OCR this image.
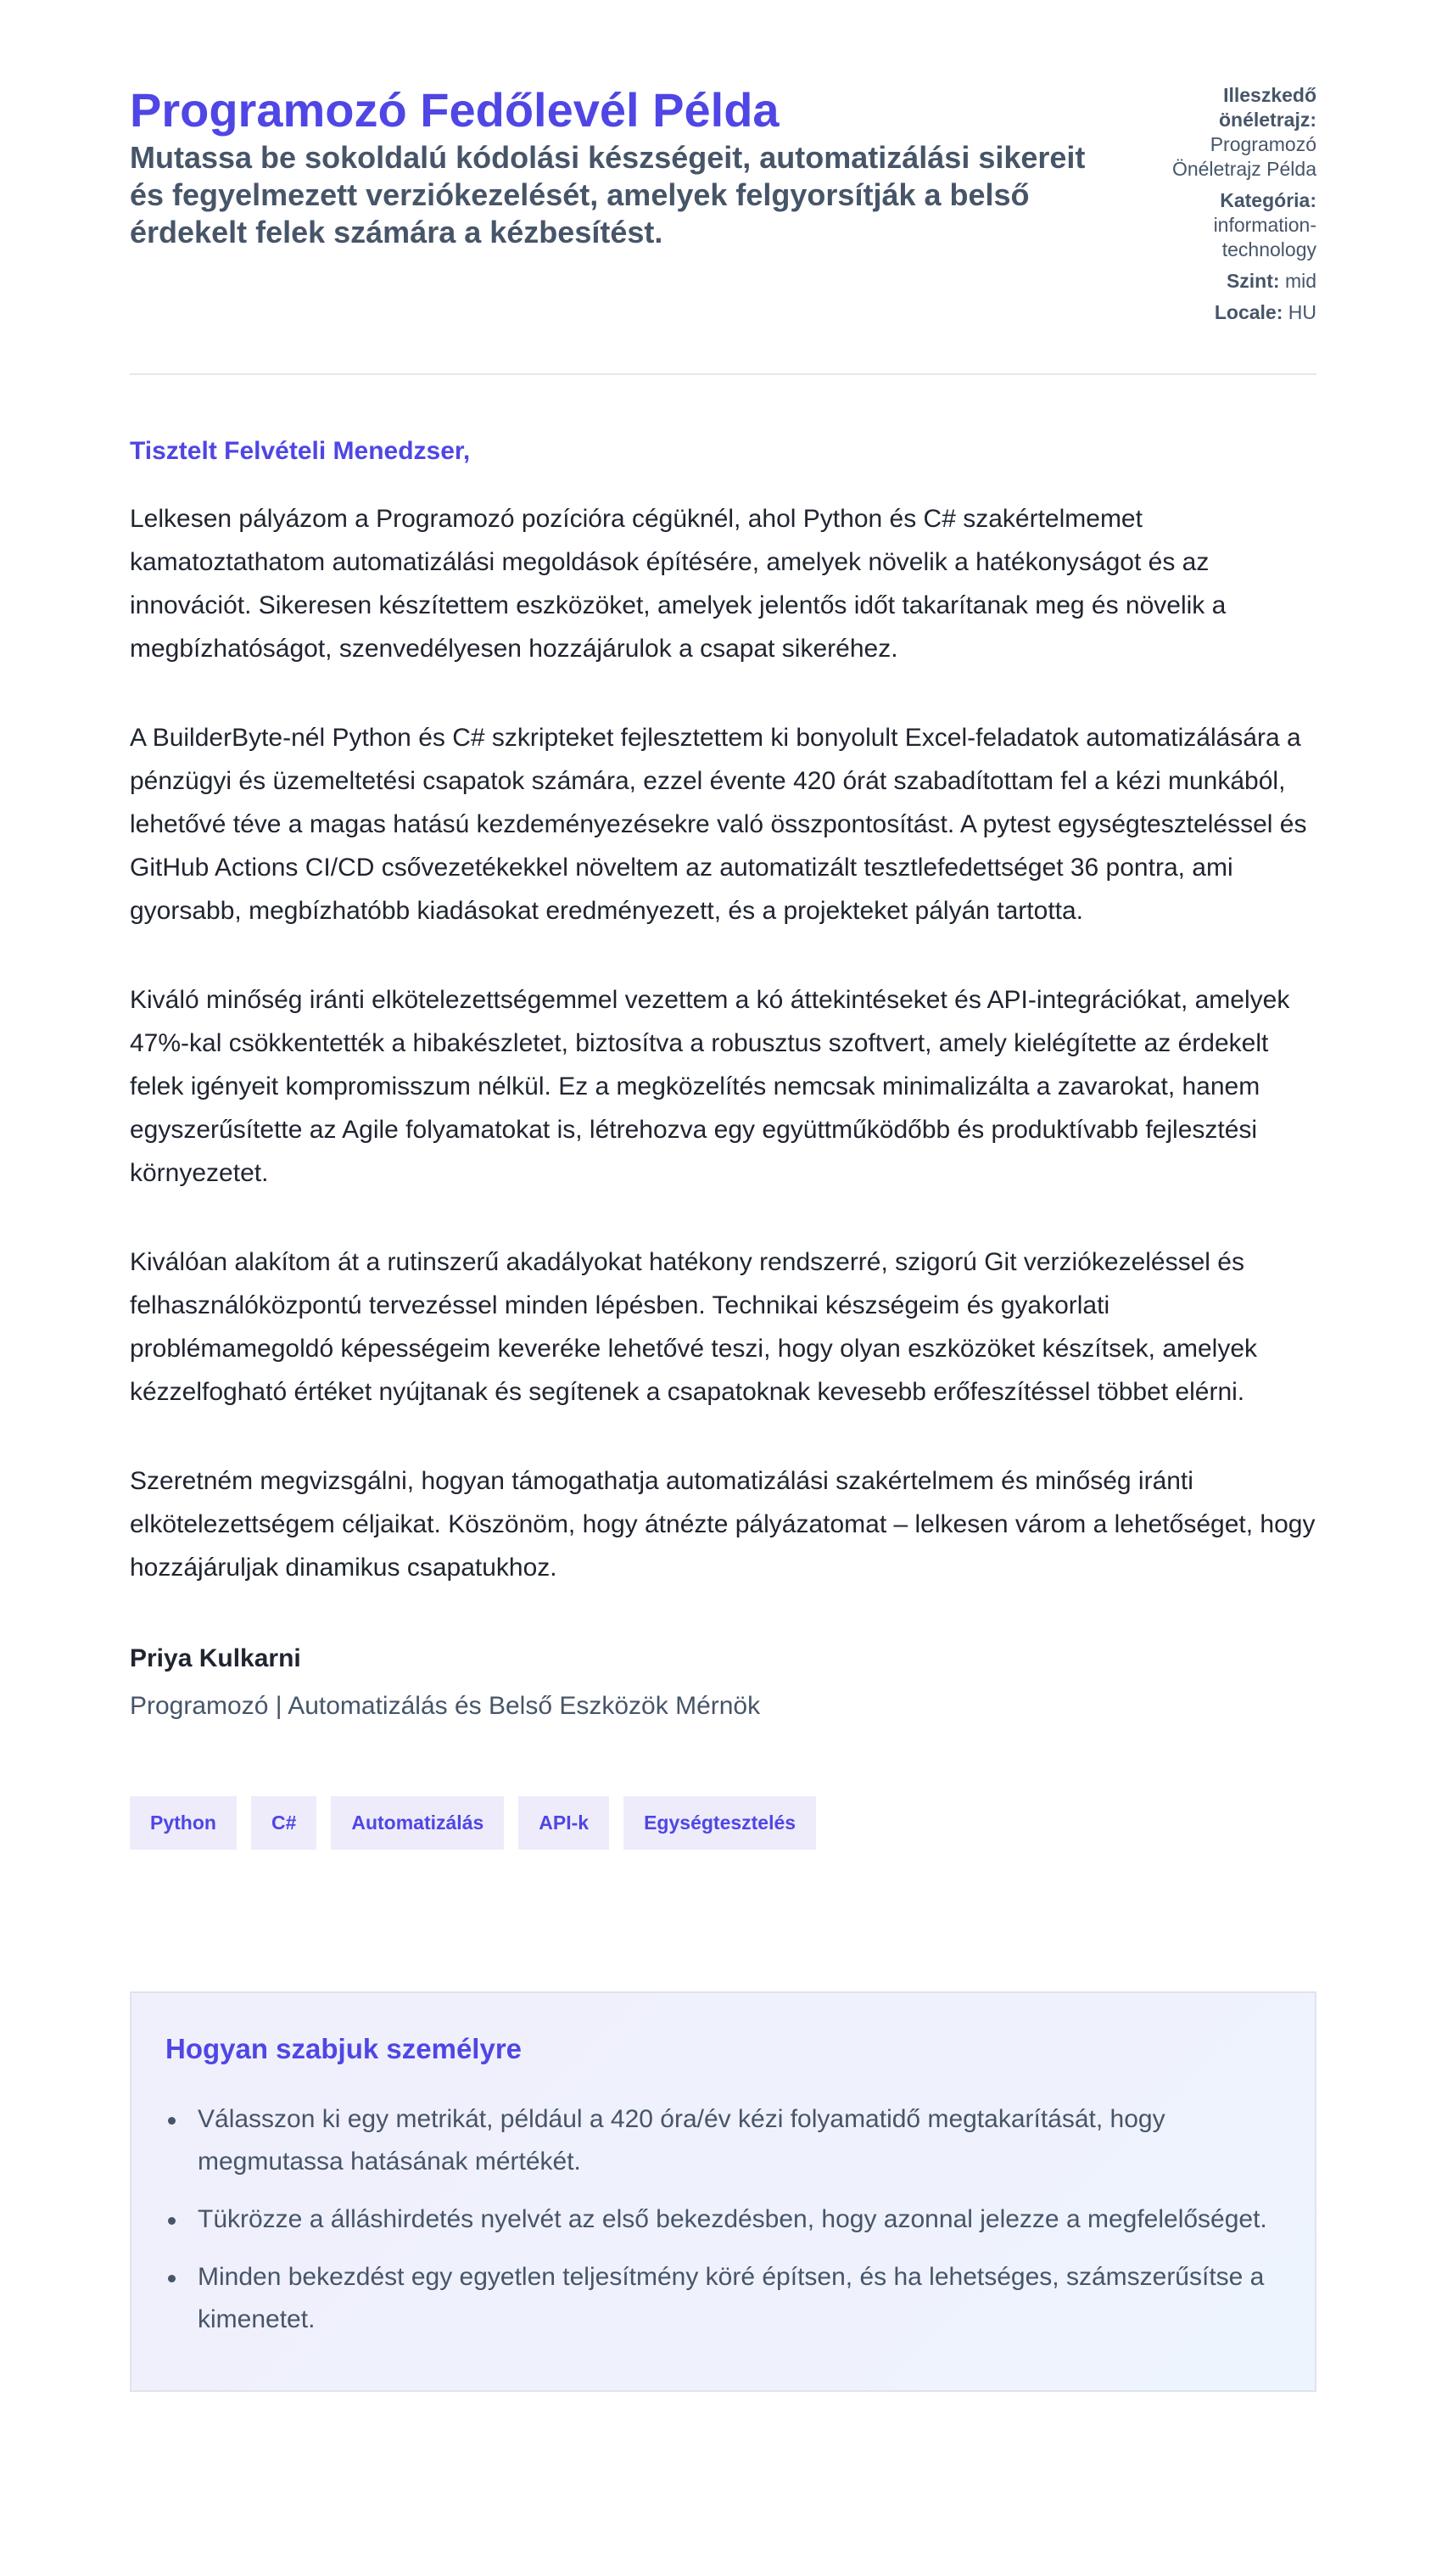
Programozó Fedőlevél Példa
Mutassa be sokoldalú kódolási készségeit, automatizálási sikereit és fegyelmezett verziókezelését, amelyek felgyorsítják a belső érdekelt felek számára a kézbesítést.
Illeszkedő önéletrajz:
Programozó Önéletrajz Példa
Kategória:
information-technology
Szint: mid
Locale: HU
Tisztelt Felvételi Menedzser,

Lelkesen pályázom a Programozó pozícióra cégüknél, ahol Python és C# szakértelmemet kamatoztathatom automatizálási megoldások építésére, amelyek növelik a hatékonyságot és az innovációt. Sikeresen készítettem eszközöket, amelyek jelentős időt takarítanak meg és növelik a megbízhatóságot, szenvedélyesen hozzájárulok a csapat sikeréhez.

A BuilderByte-nél Python és C# szkripteket fejlesztettem ki bonyolult Excel-feladatok automatizálására a pénzügyi és üzemeltetési csapatok számára, ezzel évente 420 órát szabadítottam fel a kézi munkából, lehetővé téve a magas hatású kezdeményezésekre való összpontosítást. A pytest egységteszteléssel és GitHub Actions CI/CD csővezetékekkel növeltem az automatizált tesztlefedettséget 36 pontra, ami gyorsabb, megbízhatóbb kiadásokat eredményezett, és a projekteket pályán tartotta.

Kiváló minőség iránti elkötelezettségemmel vezettem a kó áttekintéseket és API-integrációkat, amelyek 47%-kal csökkentették a hibakészletet, biztosítva a robusztus szoftvert, amely kielégítette az érdekelt felek igényeit kompromisszum nélkül. Ez a megközelítés nemcsak minimalizálta a zavarokat, hanem egyszerűsítette az Agile folyamatokat is, létrehozva egy együttműködőbb és produktívabb fejlesztési környezetet.

Kiválóan alakítom át a rutinszerű akadályokat hatékony rendszerré, szigorú Git verziókezeléssel és felhasználóközpontú tervezéssel minden lépésben. Technikai készségeim és gyakorlati problémamegoldó képességeim keveréke lehetővé teszi, hogy olyan eszközöket készítsek, amelyek kézzelfogható értéket nyújtanak és segítenek a csapatoknak kevesebb erőfeszítéssel többet elérni.

Szeretném megvizsgálni, hogyan támogathatja automatizálási szakértelmem és minőség iránti elkötelezettségem céljaikat. Köszönöm, hogy átnézte pályázatomat – lelkesen várom a lehetőséget, hogy hozzájáruljak dinamikus csapatukhoz.

Priya Kulkarni
Programozó | Automatizálás és Belső Eszközök Mérnök
Python	C#	Automatizálás	API-k	Egységtesztelés
Hogyan szabjuk személyre
Válasszon ki egy metrikát, például a 420 óra/év kézi folyamatidő megtakarítását, hogy megmutassa hatásának mértékét.
Tükrözze a álláshirdetés nyelvét az első bekezdésben, hogy azonnal jelezze a megfelelőséget.
Minden bekezdést egy egyetlen teljesítmény köré építsen, és ha lehetséges, számszerűsítse a kimenetet.
